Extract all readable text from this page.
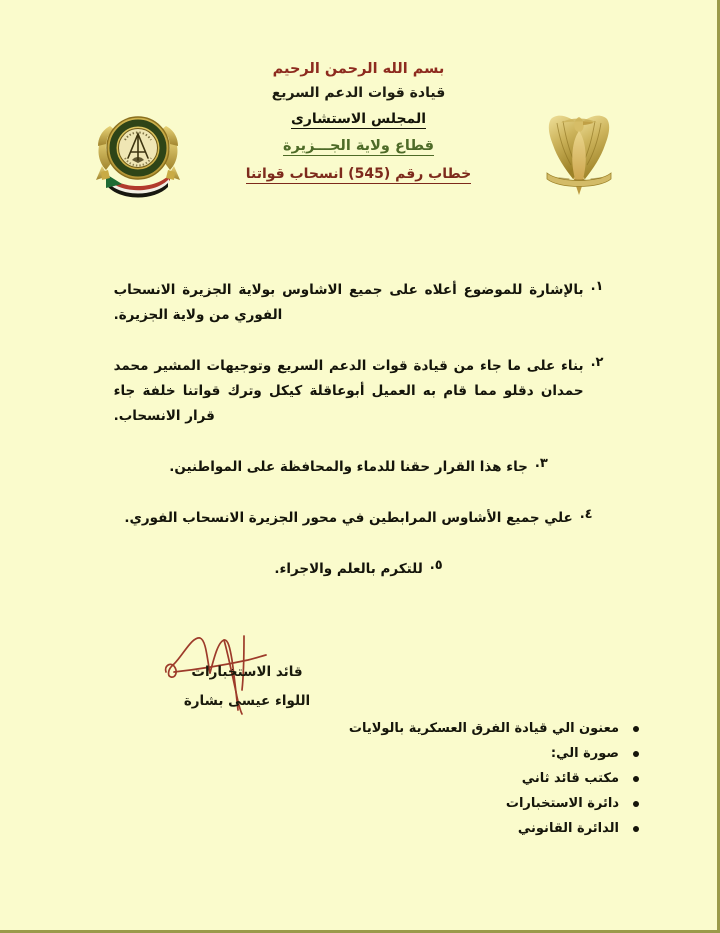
بسم الله الرحمن الرحيم

قيادة قوات الدعم السريع

المجلس الاستشارى

قطاع ولاية الجـــزيرة

خطاب رقم (545) انسحاب قواتنا

١.
بالإشارة للموضوع أعلاه على جميع الاشاوس بولاية الجزيرة الانسحاب الفوري من ولاية الجزيرة.
٢.
بناء على ما جاء من قيادة قوات الدعم السريع وتوجيهات المشير محمد حمدان دقلو مما قام به العميل أبوعاقلة كيكل وترك قواتنا خلفة جاء قرار الانسحاب.
٣.
جاء هذا القرار حقنا للدماء والمحافظة على المواطنين.
٤.
علي جميع الأشاوس المرابطين في محور الجزيرة الانسحاب الفوري.
٥.
للتكرم بالعلم والاجراء.
قائد الاستخبارات
اللواء عيسى بشارة
معنون الي قيادة الفرق العسكرية بالولايات
صورة الي:
مكتب قائد ثاني
دائرة الاستخبارات
الدائرة القانوني
